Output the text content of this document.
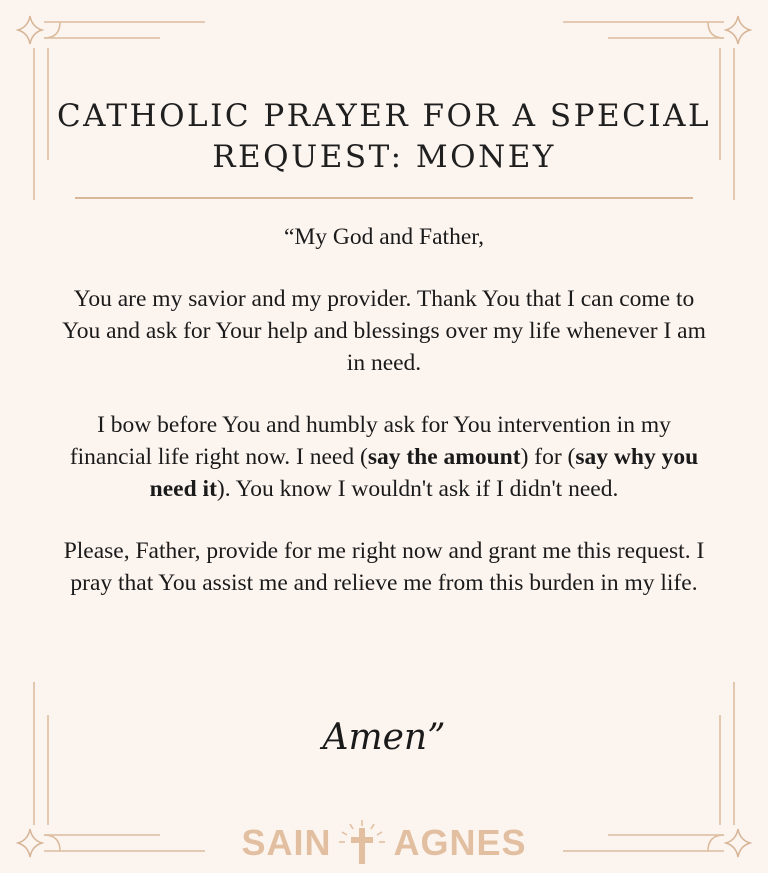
CATHOLIC PRAYER FOR A SPECIAL
REQUEST: MONEY

“My God and Father,

You are my savior and my provider. Thank You that I can come to You and ask for Your help and blessings over my life whenever I am in need.

I bow before You and humbly ask for You intervention in my financial life right now. I need (say the amount) for (say why you need it). You know I wouldn't ask if I didn't need.

Please, Father, provide for me right now and grant me this request. I pray that You assist me and relieve me from this burden in my life.

Amen”
SAIN AGNES
